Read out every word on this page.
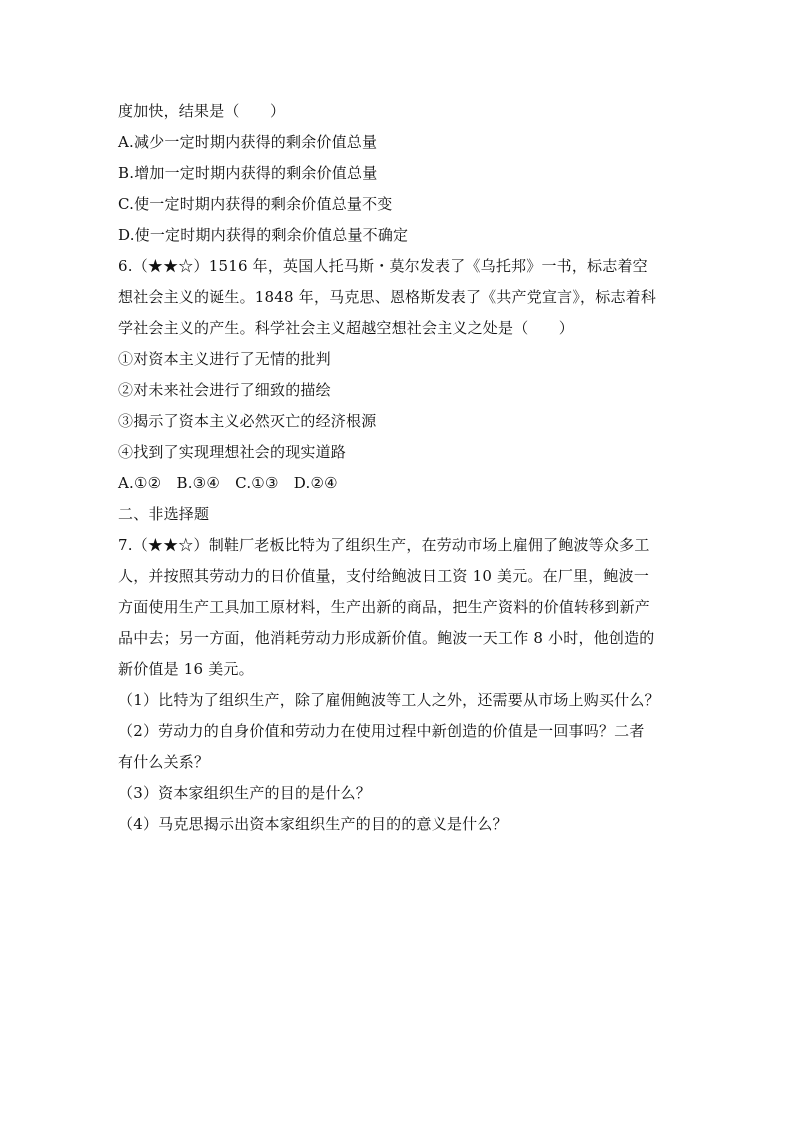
度加快，结果是（　　）
A.减少一定时期内获得的剩余价值总量
B.增加一定时期内获得的剩余价值总量
C.使一定时期内获得的剩余价值总量不变
D.使一定时期内获得的剩余价值总量不确定
6.（★★☆）1516 年，英国人托马斯・莫尔发表了《乌托邦》一书，标志着空
想社会主义的诞生。1848 年，马克思、恩格斯发表了《共产党宣言》，标志着科
学社会主义的产生。科学社会主义超越空想社会主义之处是（　　）
①对资本主义进行了无情的批判
②对未来社会进行了细致的描绘
③揭示了资本主义必然灭亡的经济根源
④找到了实现理想社会的现实道路
A.①②　B.③④　C.①③　D.②④
二、非选择题
7.（★★☆）制鞋厂老板比特为了组织生产，在劳动市场上雇佣了鲍波等众多工
人，并按照其劳动力的日价值量，支付给鲍波日工资 10 美元。在厂里，鲍波一
方面使用生产工具加工原材料，生产出新的商品，把生产资料的价值转移到新产
品中去；另一方面，他消耗劳动力形成新价值。鲍波一天工作 8 小时，他创造的
新价值是 16 美元。
（1）比特为了组织生产，除了雇佣鲍波等工人之外，还需要从市场上购买什么？
（2）劳动力的自身价值和劳动力在使用过程中新创造的价值是一回事吗？二者
有什么关系？
（3）资本家组织生产的目的是什么？
（4）马克思揭示出资本家组织生产的目的的意义是什么？
